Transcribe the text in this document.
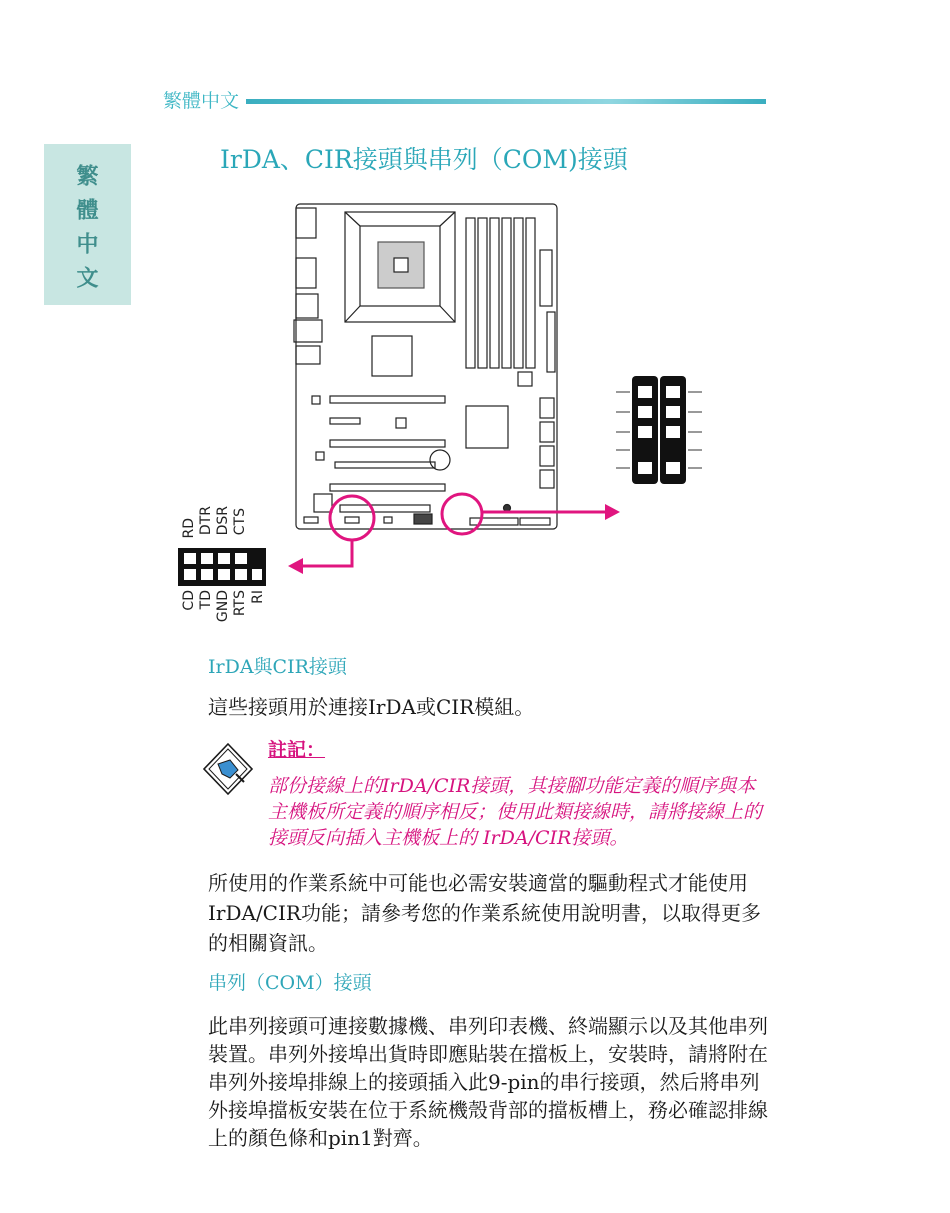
繁體中文
繁體中文
IrDA、CIR接頭與串列（COM)接頭
RD DTR DSR CTS
CD TD GND RTS RI
IrDA與CIR接頭
這些接頭用於連接IrDA或CIR模組。
註記：
部份接線上的IrDA/CIR接頭，其接腳功能定義的順序與本主機板所定義的順序相反；使用此類接線時，請將接線上的接頭反向插入主機板上的 IrDA/CIR接頭。
所使用的作業系統中可能也必需安裝適當的驅動程式才能使用IrDA/CIR功能；請參考您的作業系統使用說明書，以取得更多的相關資訊。
串列（COM）接頭
此串列接頭可連接數據機、串列印表機、終端顯示以及其他串列裝置。串列外接埠出貨時即應貼裝在擋板上，安裝時，請將附在串列外接埠排線上的接頭插入此9-pin的串行接頭，然后將串列外接埠擋板安裝在位于系統機殼背部的擋板槽上，務必確認排線上的顏色條和pin1對齊。
